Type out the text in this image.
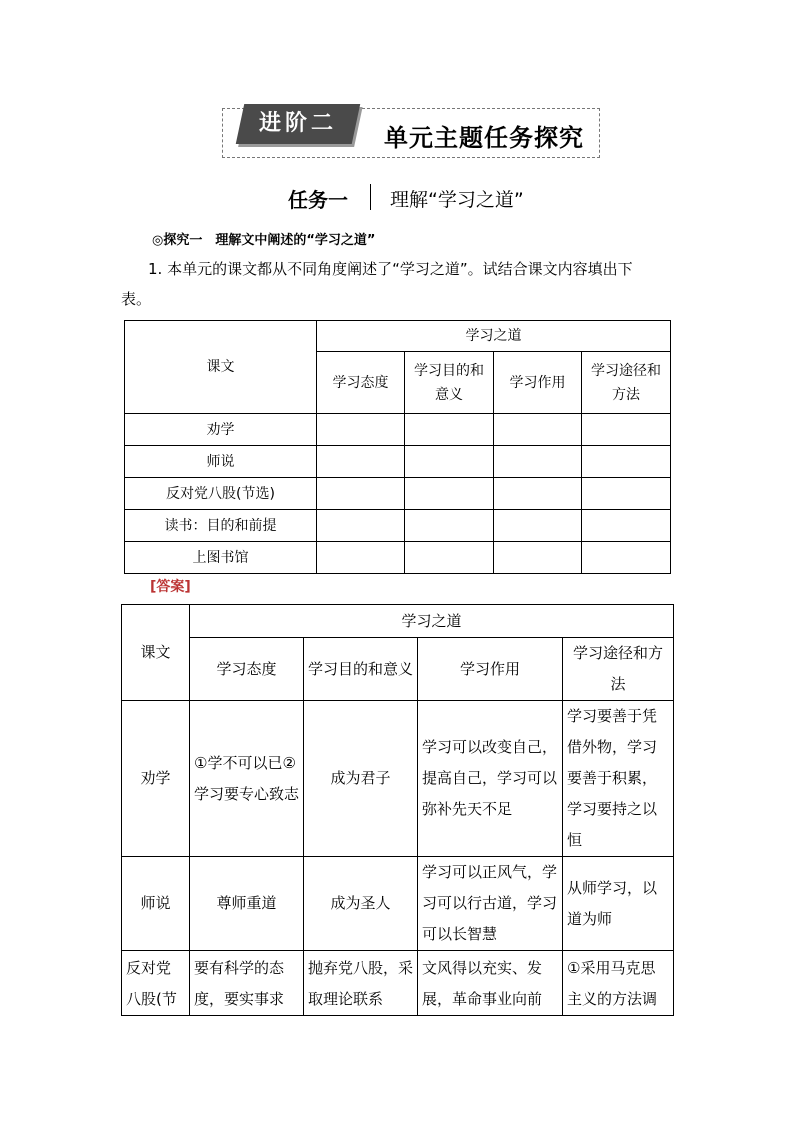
进阶二
单元主题任务探究
任务一 理解“学习之道”
◎探究一　理解文中阐述的“学习之道”
1. 本单元的课文都从不同角度阐述了“学习之道”。试结合课文内容填出下
表。
课文	学习之道			
	学习态度	学习目的和意义	学习作用	学习途径和方法
劝学				
师说				
反对党八股(节选)				
读书：目的和前提				
上图书馆				
[答案]
课文	学习之道			
	学习态度	学习目的和意义	学习作用	学习途径和方法
劝学	①学不可以已②学习要专心致志	成为君子	学习可以改变自己，提高自己，学习可以弥补先天不足	学习要善于凭借外物，学习要善于积累，学习要持之以恒
师说	尊师重道	成为圣人	学习可以正风气，学习可以行古道，学习可以长智慧	从师学习，以道为师
反对党八股(节	要有科学的态度，要实事求	抛弃党八股，采取理论联系	文风得以充实、发展，革命事业向前	①采用马克思主义的方法调
